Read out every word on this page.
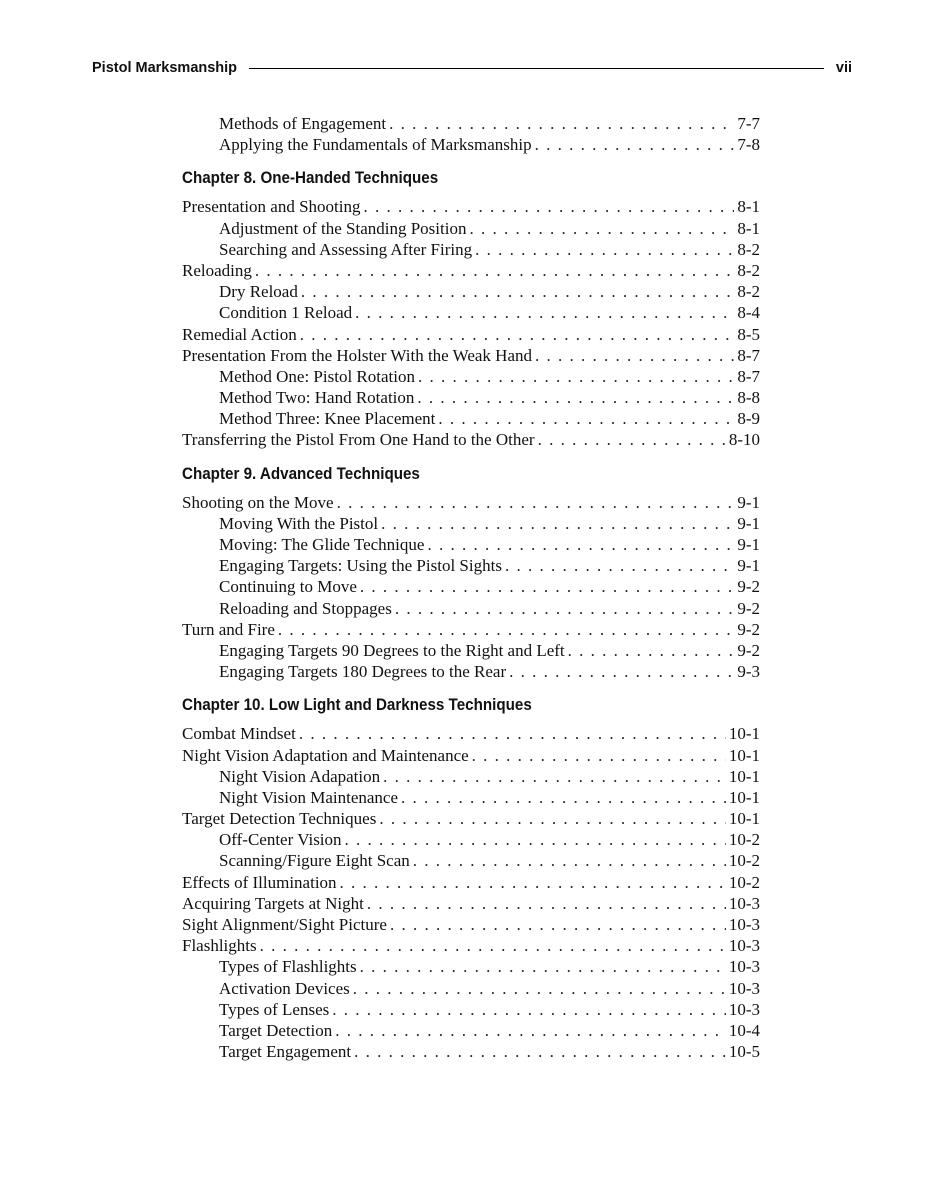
Pistol Marksmanship	vii
Methods of Engagement . . .	7-7
Applying the Fundamentals of Marksmanship . . .	7-8
Chapter 8. One-Handed Techniques
Presentation and Shooting . . .	8-1
Adjustment of the Standing Position . . .	8-1
Searching and Assessing After Firing . . .	8-2
Reloading . . .	8-2
Dry Reload . . .	8-2
Condition 1 Reload . . .	8-4
Remedial Action . . .	8-5
Presentation From the Holster With the Weak Hand . . .	8-7
Method One: Pistol Rotation . . .	8-7
Method Two: Hand Rotation . . .	8-8
Method Three: Knee Placement . . .	8-9
Transferring the Pistol From One Hand to the Other . . .	8-10
Chapter 9. Advanced Techniques
Shooting on the Move . . .	9-1
Moving With the Pistol . . .	9-1
Moving: The Glide Technique . . .	9-1
Engaging Targets: Using the Pistol Sights . . .	9-1
Continuing to Move . . .	9-2
Reloading and Stoppages . . .	9-2
Turn and Fire . . .	9-2
Engaging Targets 90 Degrees to the Right and Left . . .	9-2
Engaging Targets 180 Degrees to the Rear . . .	9-3
Chapter 10. Low Light and Darkness Techniques
Combat Mindset . . .	10-1
Night Vision Adaptation and Maintenance . . .	10-1
Night Vision Adapation . . .	10-1
Night Vision Maintenance . . .	10-1
Target Detection Techniques . . .	10-1
Off-Center Vision . . .	10-2
Scanning/Figure Eight Scan . . .	10-2
Effects of Illumination . . .	10-2
Acquiring Targets at Night . . .	10-3
Sight Alignment/Sight Picture . . .	10-3
Flashlights . . .	10-3
Types of Flashlights . . .	10-3
Activation Devices . . .	10-3
Types of Lenses . . .	10-3
Target Detection . . .	10-4
Target Engagement . . .	10-5
